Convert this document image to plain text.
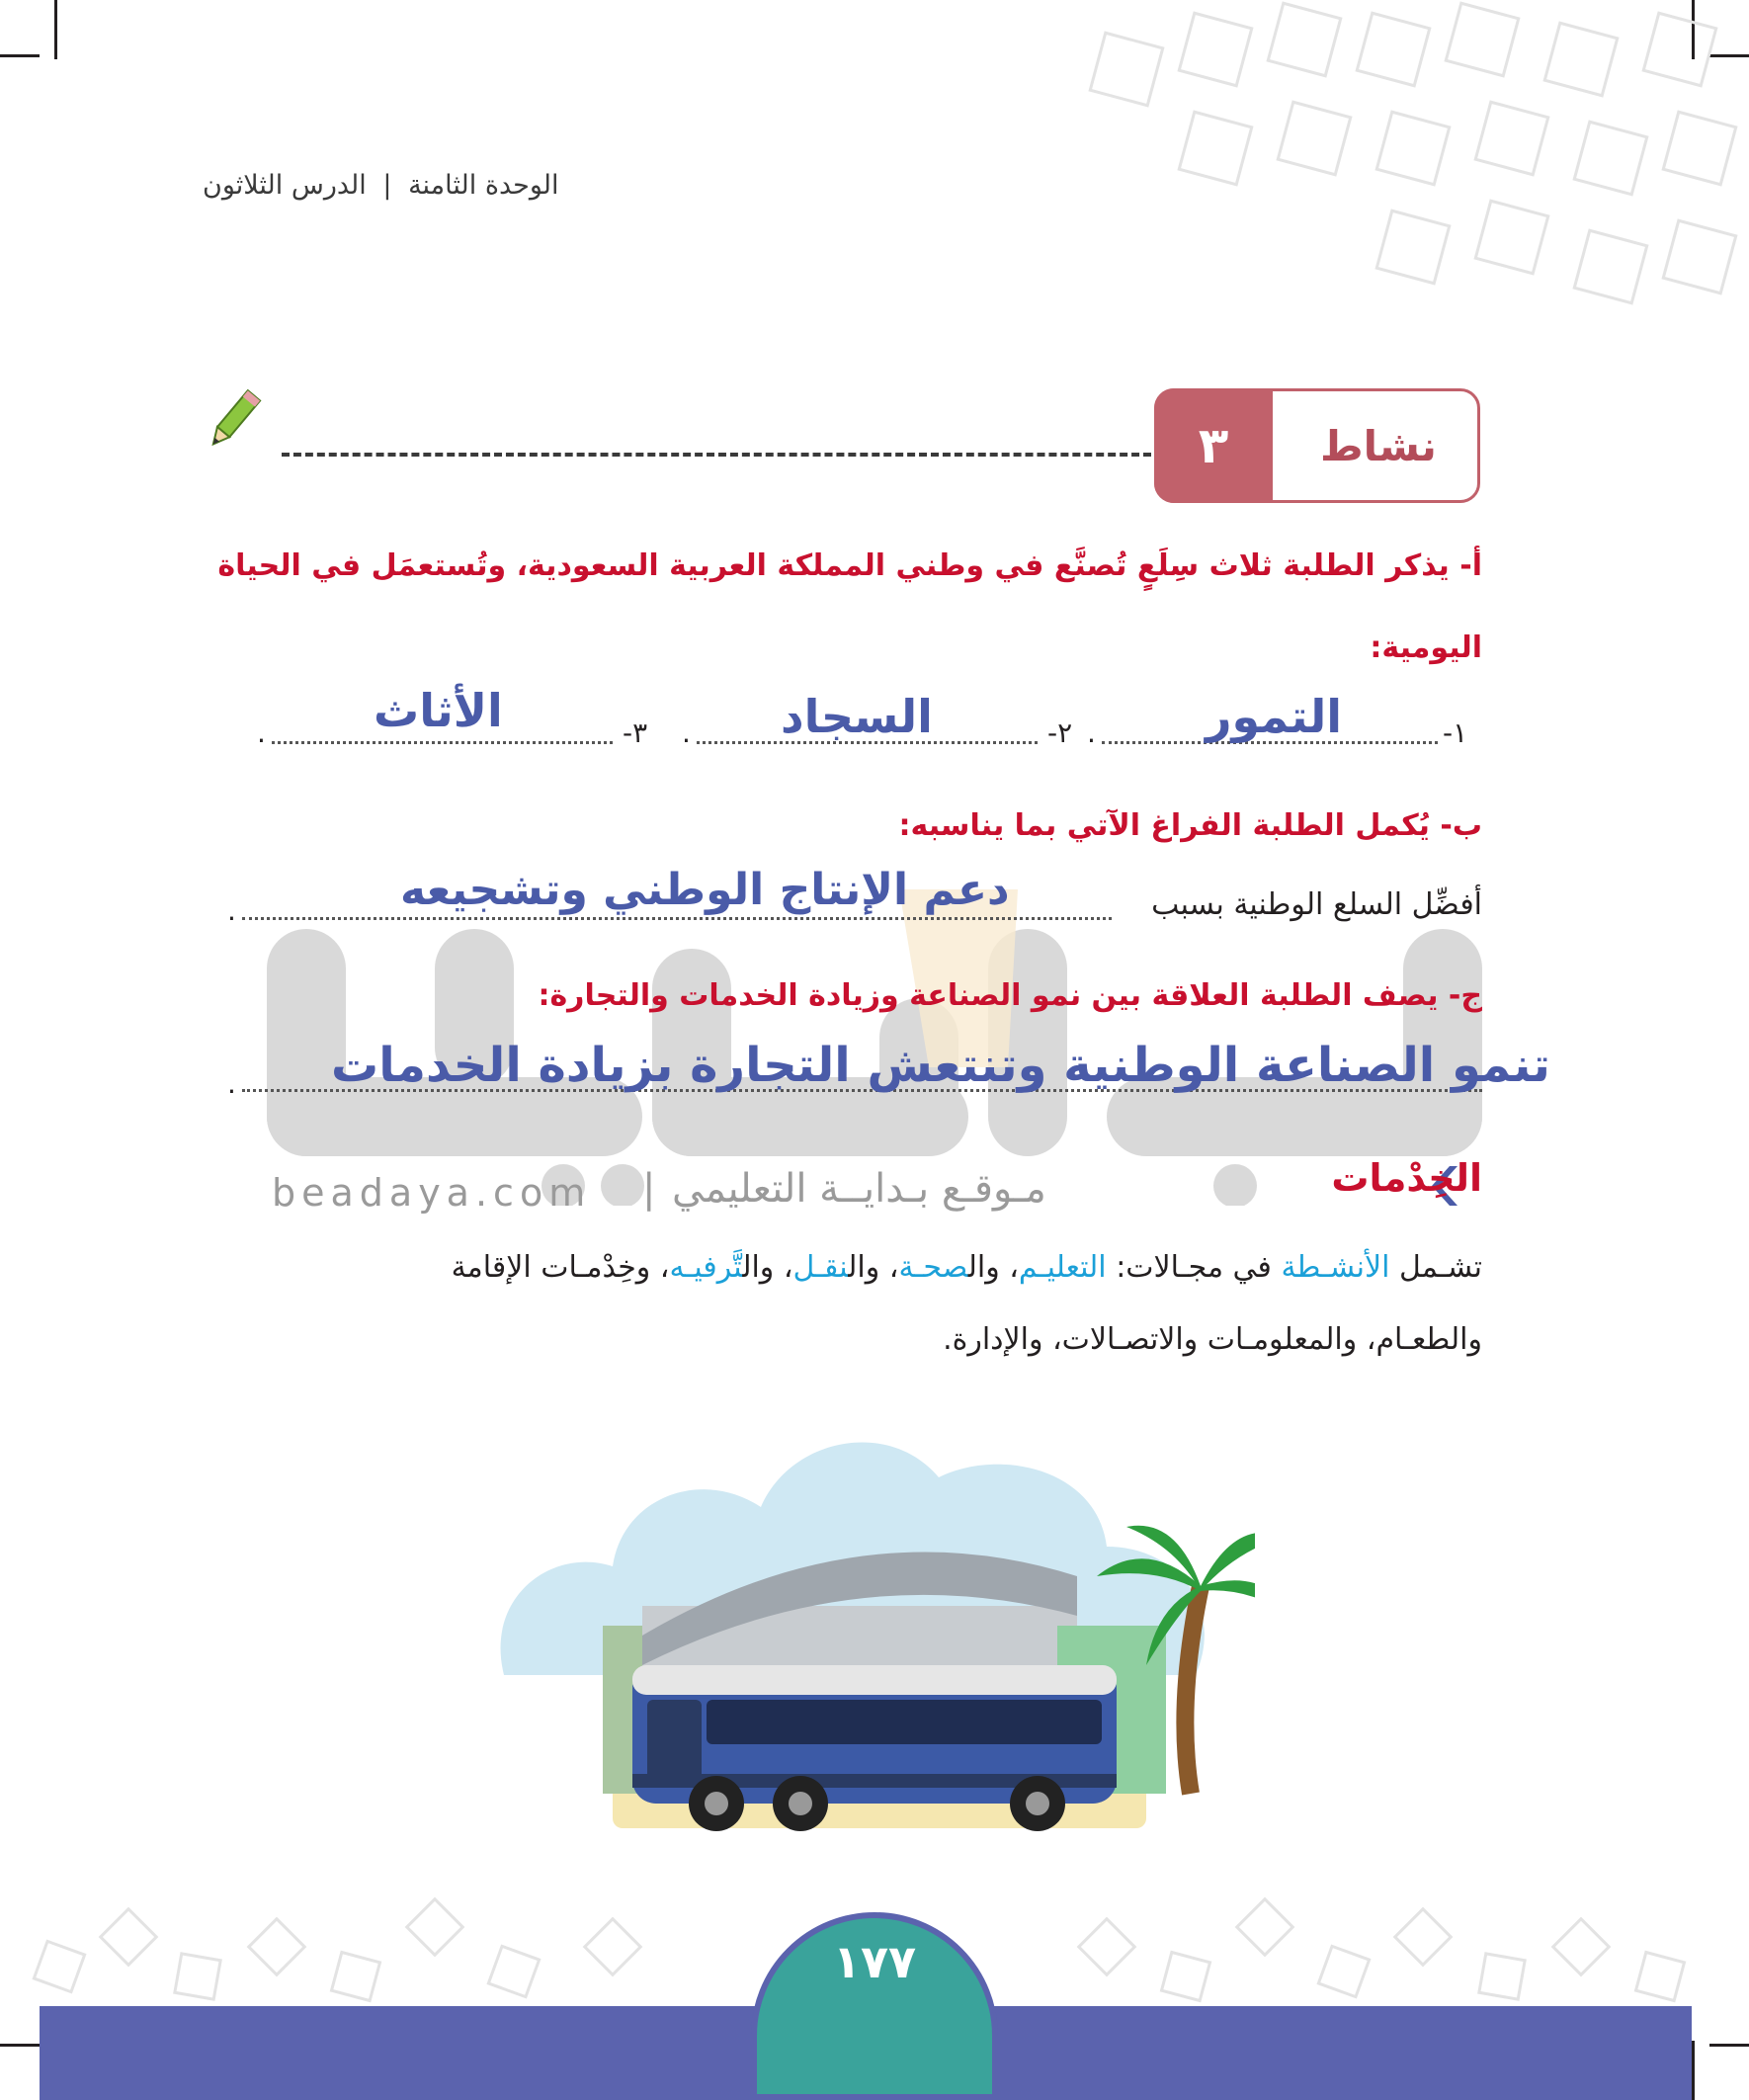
الوحدة الثامنة | الدرس الثلاثون
٣	نشاط
beadaya.com | مـوقـع بـدايــة التعليمي
أ- يذكر الطلبة ثلاث سِلَعٍ تُصنَّع في وطني المملكة العربية السعودية، وتُستعمَل في الحياة
اليومية:
١-
. التمور
٢-
. السجاد
٣-
. الأثاث
ب- يُكمل الطلبة الفراغ الآتي بما يناسبه:
أفضِّل السلع الوطنية بسبب
.	دعم الإنتاج الوطني وتشجيعه
ج- يصف الطلبة العلاقة بين نمو الصناعة وزيادة الخدمات والتجارة:
. تنمو الصناعة الوطنية وتنتعش التجارة بزيادة الخدمات
الخِدْمات
تشـمل الأنشـطة في مجـالات: التعليـم، والصحـة، والنقـل، والتَّرفيـه، وخِدْمـات الإقامة
والطعـام، والمعلومـات والاتصـالات، والإدارة.
١٧٧
